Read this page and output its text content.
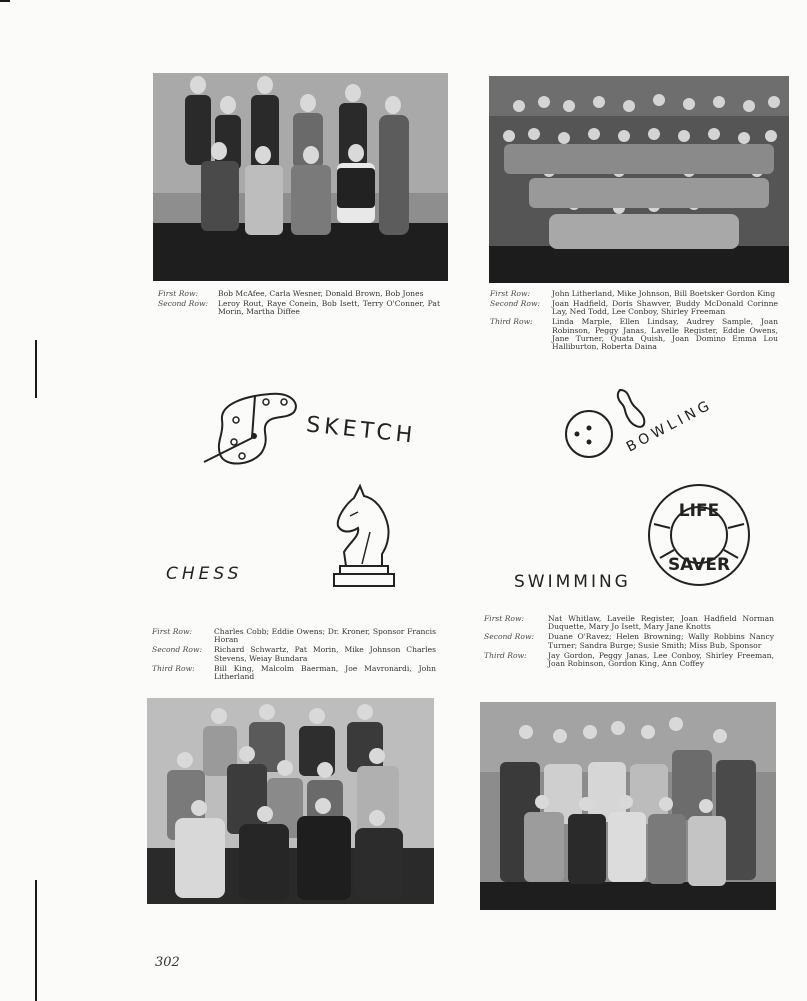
First Row:	Bob McAfee, Carla Wesner, Donald Brown, Bob Jones
Second Row:	Leroy Rout, Raye Conein, Bob Isett, Terry O'Conner, Pat Morin, Martha Diffee
First Row:	John Litherland, Mike Johnson, Bill Boetsker Gordon King
Second Row:	Joan Hadfield, Doris Shawver, Buddy McDonald Corinne Lay, Ned Todd, Lee Conboy, Shirley Freeman
Third Row:	Linda Marple, Ellen Lindsay, Audrey Sample, Joan Robinson, Peggy Janas, Lavelle Register, Eddie Owens, Jane Turner, Quata Quish, Joan Domino Emma Lou Halliburton, Roberta Daina
SKETCH	BOWLING
CHESS
LIFE
SAVER
SWIMMING
First Row:	Charles Cobb; Eddie Owens; Dr. Kroner, Sponsor Francis Horan
Second Row:	Richard Schwartz, Pat Morin, Mike Johnson Charles Stevens, Weiay Bundara
Third Row:	Bill King, Malcolm Baerman, Joe Mavronardi, John Litherland
First Row:	Nat Whitlaw, Laveile Register, Joan Hadfield Norman Duquette, Mary Jo Isett, Mary Jane Knotts
Second Row:	Duane O'Ravez; Helen Browning; Wally Robbins Nancy Turner; Sandra Burge; Susie Smith; Miss Bub, Sponsor
Third Row:	Jay Gordon, Peggy Janas, Lee Conboy, Shirley Freeman, Joan Robinson, Gordon King, Ann Coffey
302
